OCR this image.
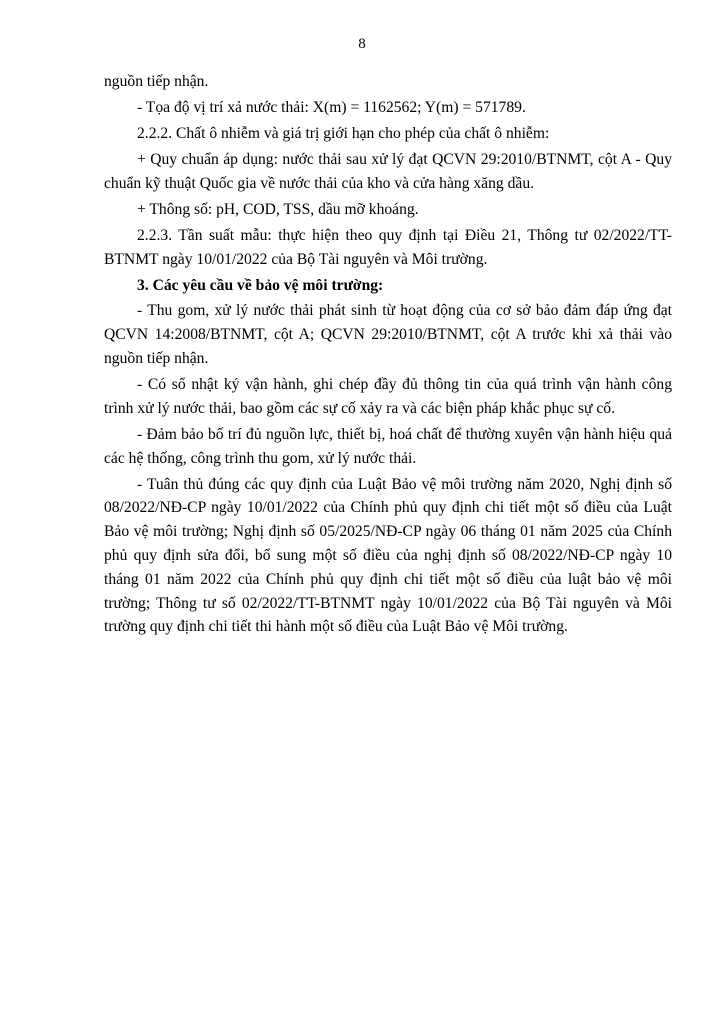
8

nguồn tiếp nhận.

- Tọa độ vị trí xả nước thải: X(m) = 1162562; Y(m) = 571789.

2.2.2. Chất ô nhiễm và giá trị giới hạn cho phép của chất ô nhiễm:

+ Quy chuẩn áp dụng: nước thải sau xử lý đạt QCVN 29:2010/BTNMT, cột A - Quy chuẩn kỹ thuật Quốc gia về nước thải của kho và cửa hàng xăng dầu.

+ Thông số: pH, COD, TSS, dầu mỡ khoáng.

2.2.3. Tần suất mẫu: thực hiện theo quy định tại Điều 21, Thông tư 02/2022/TT-BTNMT ngày 10/01/2022 của Bộ Tài nguyên và Môi trường.

3. Các yêu cầu về bảo vệ môi trường:

- Thu gom, xử lý nước thải phát sinh từ hoạt động của cơ sở bảo đảm đáp ứng đạt QCVN 14:2008/BTNMT, cột A; QCVN 29:2010/BTNMT, cột A trước khi xả thải vào nguồn tiếp nhận.

- Có sổ nhật ký vận hành, ghi chép đầy đủ thông tin của quá trình vận hành công trình xử lý nước thải, bao gồm các sự cố xảy ra và các biện pháp khắc phục sự cố.

- Đảm bảo bố trí đủ nguồn lực, thiết bị, hoá chất để thường xuyên vận hành hiệu quả các hệ thống, công trình thu gom, xử lý nước thải.

- Tuân thủ đúng các quy định của Luật Bảo vệ môi trường năm 2020, Nghị định số 08/2022/NĐ-CP ngày 10/01/2022 của Chính phủ quy định chi tiết một số điều của Luật Bảo vệ môi trường; Nghị định số 05/2025/NĐ-CP ngày 06 tháng 01 năm 2025 của Chính phủ quy định sửa đổi, bổ sung một số điều của nghị định số 08/2022/NĐ-CP ngày 10 tháng 01 năm 2022 của Chính phủ quy định chi tiết một số điều của luật bảo vệ môi trường; Thông tư số 02/2022/TT-BTNMT ngày 10/01/2022 của Bộ Tài nguyên và Môi trường quy định chi tiết thi hành một số điều của Luật Bảo vệ Môi trường.
